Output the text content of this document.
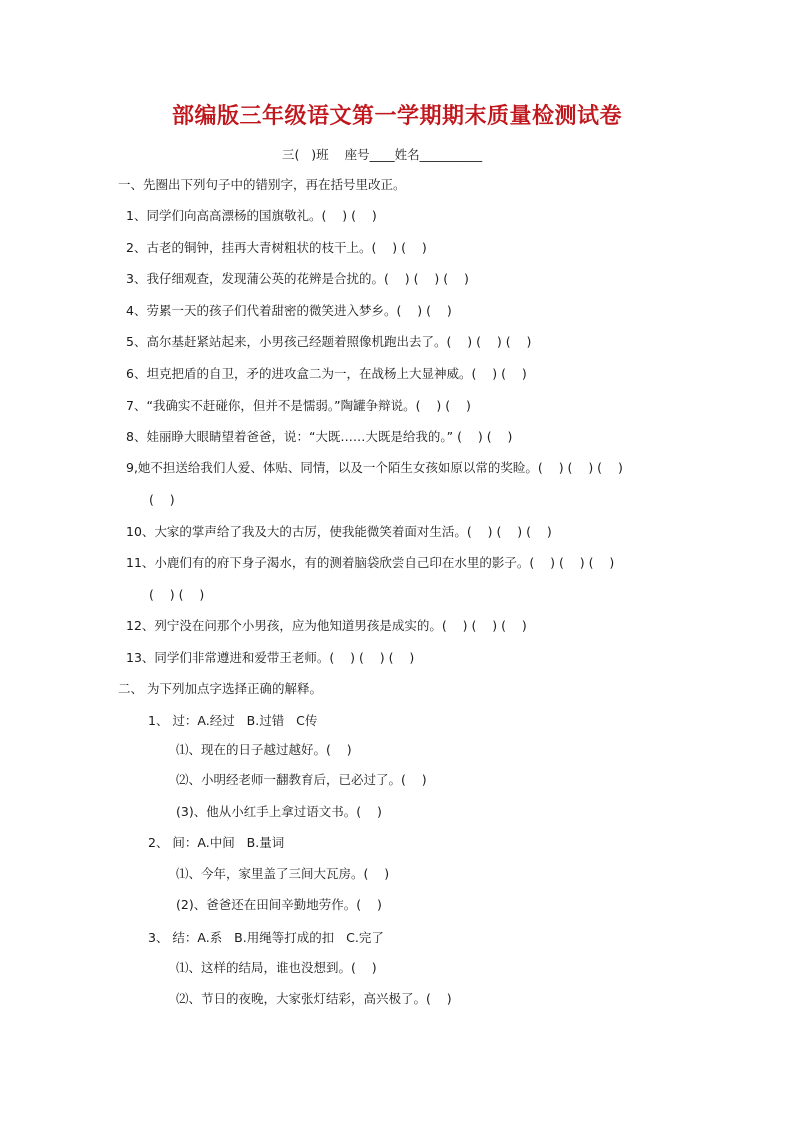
部编版三年级语文第一学期期末质量检测试卷
三(   )班    座号____姓名__________
一、先圈出下列句子中的错别字，再在括号里改正。
1、同学们向高高漂杨的国旗敬礼。(    ) (    )
2、古老的铜钟，挂再大青树粗状的枝干上。(    ) (    )
3、我仔细观查，发现蒲公英的花辨是合扰的。(    ) (    ) (    )
4、劳累一天的孩子们代着甜密的微笑进入梦乡。(    ) (    )
5、高尔基赶紧站起来，小男孩己经题着照像机跑出去了。(    ) (    ) (    )
6、坦克把盾的自卫，矛的进攻盒二为一，在战杨上大显神威。(    ) (    )
7、“我确实不赶碰你，但并不是懦弱。”陶罐争辩说。(    ) (    )
8、娃丽睁大眼睛望着爸爸，说：“大既……大既是给我的。” (    ) (    )
9,她不担送给我们人爱、体贴、同情，以及一个陌生女孩如原以常的奖睑。(    ) (    ) (    )
(    )
10、大家的掌声给了我及大的古厉，使我能微笑着面对生活。(    ) (    ) (    )
11、小鹿们有的府下身子渴水，有的测着脑袋欣尝自己印在水里的影子。(    ) (    ) (    )
(    ) (    )
12、列宁没在问那个小男孩，应为他知道男孩是成实的。(    ) (    ) (    )
13、同学们非常遵进和爱带王老师。(    ) (    ) (    )
二、 为下列加点字选择正确的解释。
1、 过：A.经过   B.过错   C传
⑴、现在的日子越过越好。(    )
⑵、小明经老师一翻教育后，已必过了。(    )
(3)、他从小红手上拿过语文书。(    )
2、 间：A.中间   B.量词
⑴、今年，家里盖了三间大瓦房。(    )
(2)、爸爸还在田间辛勤地劳作。(    )
3、 结：A.系   B.用绳等打成的扣   C.完了
⑴、这样的结局，谁也没想到。(    )
⑵、节日的夜晚，大家张灯结彩，高兴极了。(    )
